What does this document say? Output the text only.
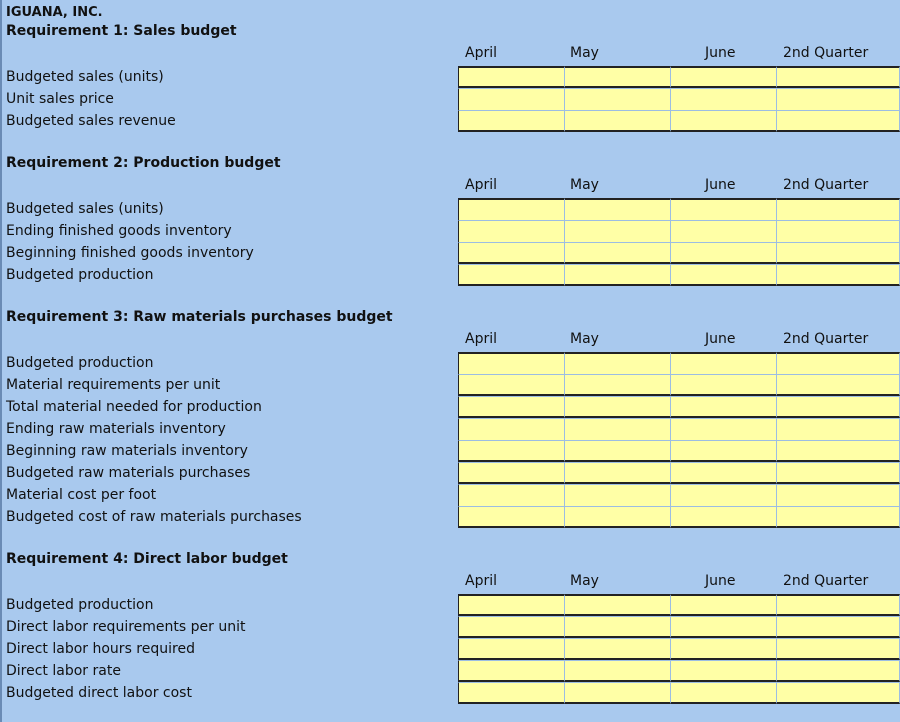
IGUANA, INC.
Requirement 1: Sales budget
April	May	June	2nd Quarter
Budgeted sales (units)
Unit sales price
Budgeted sales revenue
Requirement 2: Production budget
April	May	June	2nd Quarter
Budgeted sales (units)
Ending finished goods inventory
Beginning finished goods inventory
Budgeted production
Requirement 3: Raw materials purchases budget
April	May	June	2nd Quarter
Budgeted production
Material requirements per unit
Total material needed for production
Ending raw materials inventory
Beginning raw materials inventory
Budgeted raw materials purchases
Material cost per foot
Budgeted cost of raw materials purchases
Requirement 4: Direct labor budget
April	May	June	2nd Quarter
Budgeted production
Direct labor requirements per unit
Direct labor hours required
Direct labor rate
Budgeted direct labor cost
